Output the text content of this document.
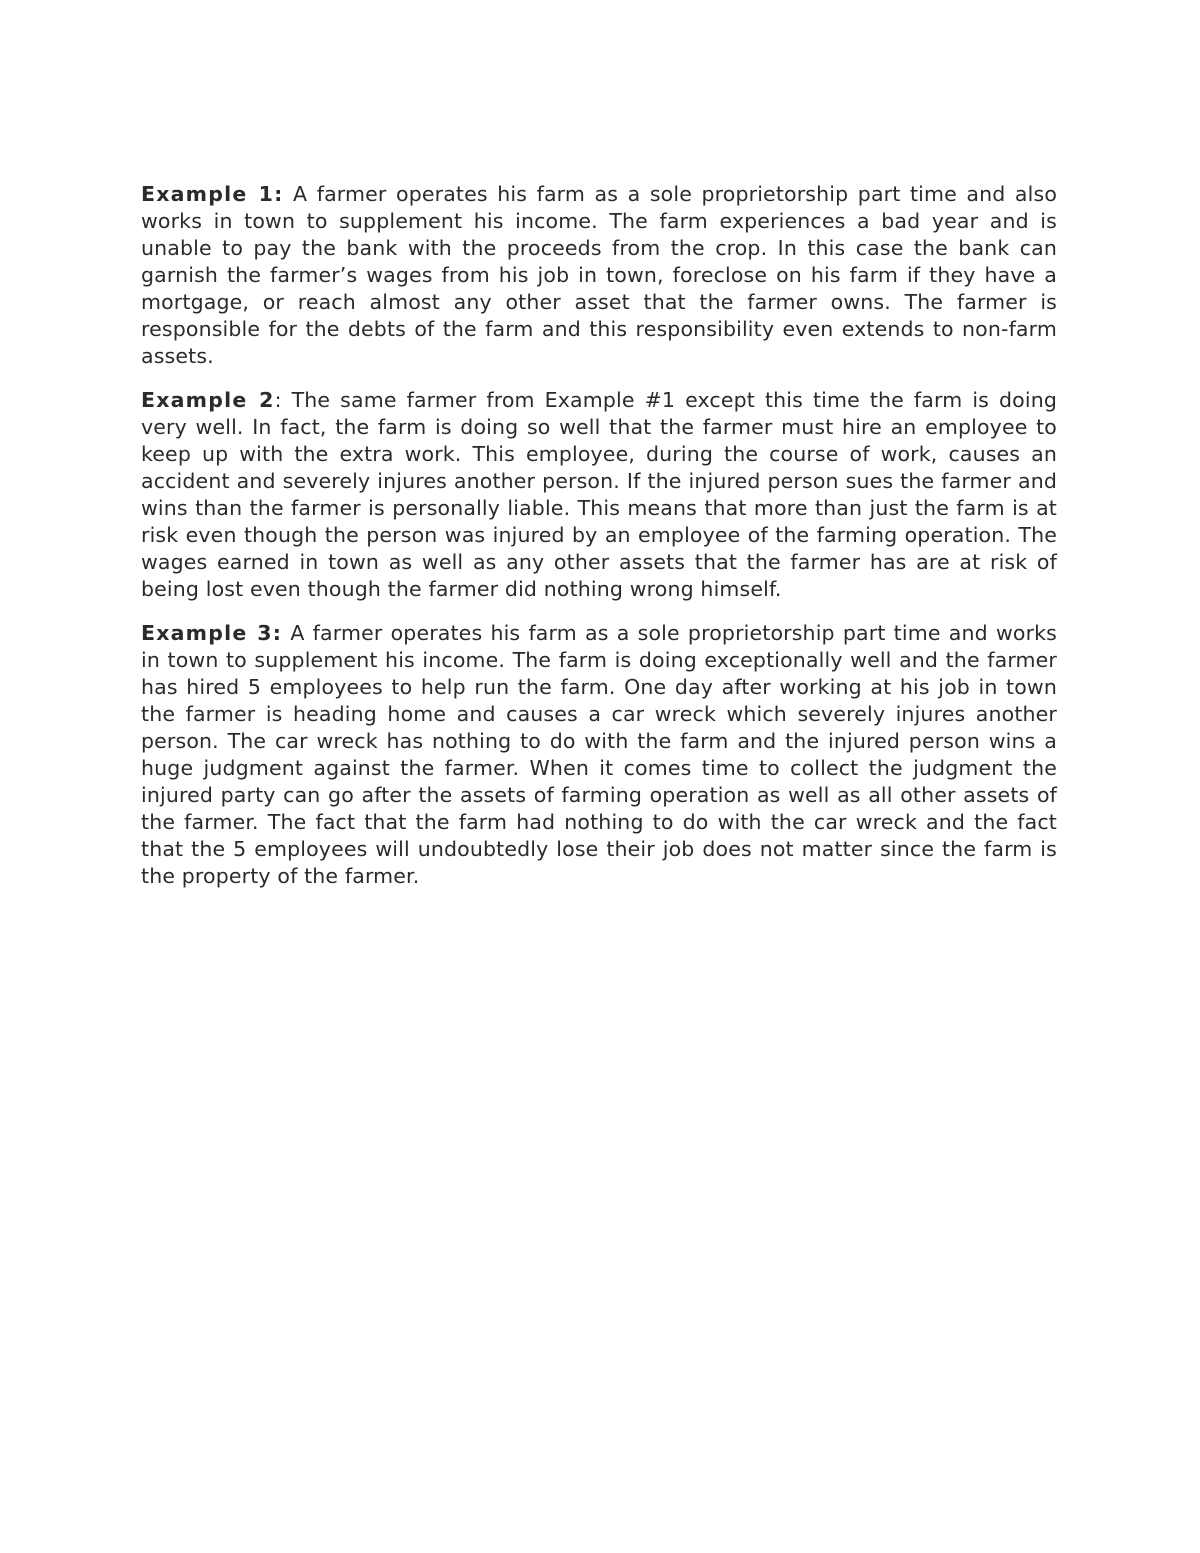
Example 1: A farmer operates his farm as a sole proprietorship part time and also works in town to supplement his income. The farm experiences a bad year and is unable to pay the bank with the proceeds from the crop. In this case the bank can garnish the farmer’s wages from his job in town, foreclose on his farm if they have a mortgage, or reach almost any other asset that the farmer owns. The farmer is responsible for the debts of the farm and this responsibility even extends to non-farm assets.

Example 2: The same farmer from Example #1 except this time the farm is doing very well. In fact, the farm is doing so well that the farmer must hire an employee to keep up with the extra work. This employee, during the course of work, causes an accident and severely injures another person. If the injured person sues the farmer and wins than the farmer is personally liable. This means that more than just the farm is at risk even though the person was injured by an employee of the farming operation. The wages earned in town as well as any other assets that the farmer has are at risk of being lost even though the farmer did nothing wrong himself.

Example 3: A farmer operates his farm as a sole proprietorship part time and works in town to supplement his income. The farm is doing exceptionally well and the farmer has hired 5 employees to help run the farm. One day after working at his job in town the farmer is heading home and causes a car wreck which severely injures another person. The car wreck has nothing to do with the farm and the injured person wins a huge judgment against the farmer. When it comes time to collect the judgment the injured party can go after the assets of farming operation as well as all other assets of the farmer. The fact that the farm had nothing to do with the car wreck and the fact that the 5 employees will undoubtedly lose their job does not matter since the farm is the property of the farmer.
